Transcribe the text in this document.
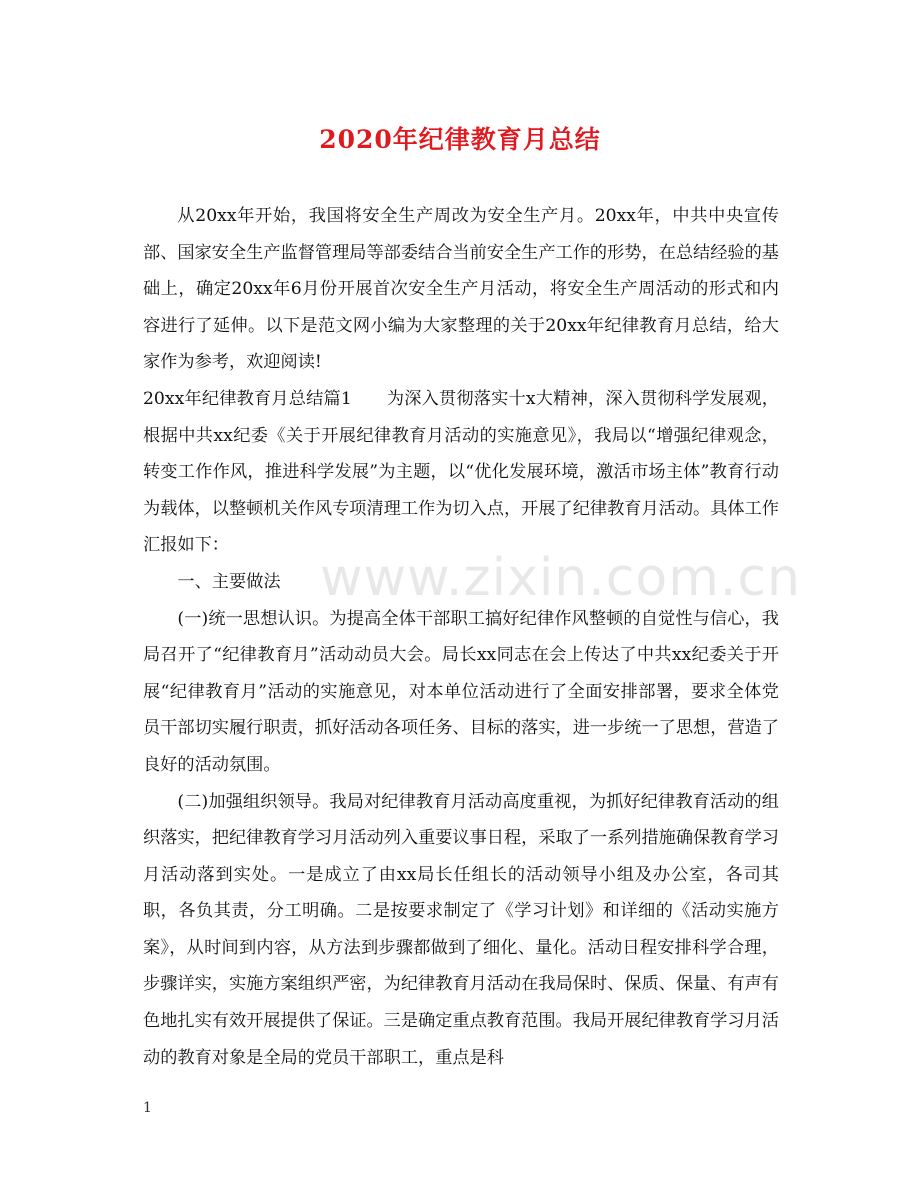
2020年纪律教育月总结

从20xx年开始，我国将安全生产周改为安全生产月。20xx年，中共中央宣传部、国家安全生产监督管理局等部委结合当前安全生产工作的形势，在总结经验的基础上，确定20xx年6月份开展首次安全生产月活动，将安全生产周活动的形式和内容进行了延伸。以下是范文网小编为大家整理的关于20xx年纪律教育月总结，给大家作为参考，欢迎阅读!

20xx年纪律教育月总结篇1　　为深入贯彻落实十x大精神，深入贯彻科学发展观，根据中共xx纪委《关于开展纪律教育月活动的实施意见》，我局以“增强纪律观念，转变工作作风，推进科学发展”为主题，以“优化发展环境，激活市场主体”教育行动为载体，以整顿机关作风专项清理工作为切入点，开展了纪律教育月活动。具体工作汇报如下：

一、主要做法

(一)统一思想认识。为提高全体干部职工搞好纪律作风整顿的自觉性与信心，我局召开了“纪律教育月”活动动员大会。局长xx同志在会上传达了中共xx纪委关于开展“纪律教育月”活动的实施意见，对本单位活动进行了全面安排部署，要求全体党员干部切实履行职责，抓好活动各项任务、目标的落实，进一步统一了思想，营造了良好的活动氛围。

(二)加强组织领导。我局对纪律教育月活动高度重视，为抓好纪律教育活动的组织落实，把纪律教育学习月活动列入重要议事日程，采取了一系列措施确保教育学习月活动落到实处。一是成立了由xx局长任组长的活动领导小组及办公室，各司其职，各负其责，分工明确。二是按要求制定了《学习计划》和详细的《活动实施方案》，从时间到内容，从方法到步骤都做到了细化、量化。活动日程安排科学合理，步骤详实，实施方案组织严密，为纪律教育月活动在我局保时、保质、保量、有声有色地扎实有效开展提供了保证。三是确定重点教育范围。我局开展纪律教育学习月活动的教育对象是全局的党员干部职工，重点是科

www.zixin.com.cn
1
